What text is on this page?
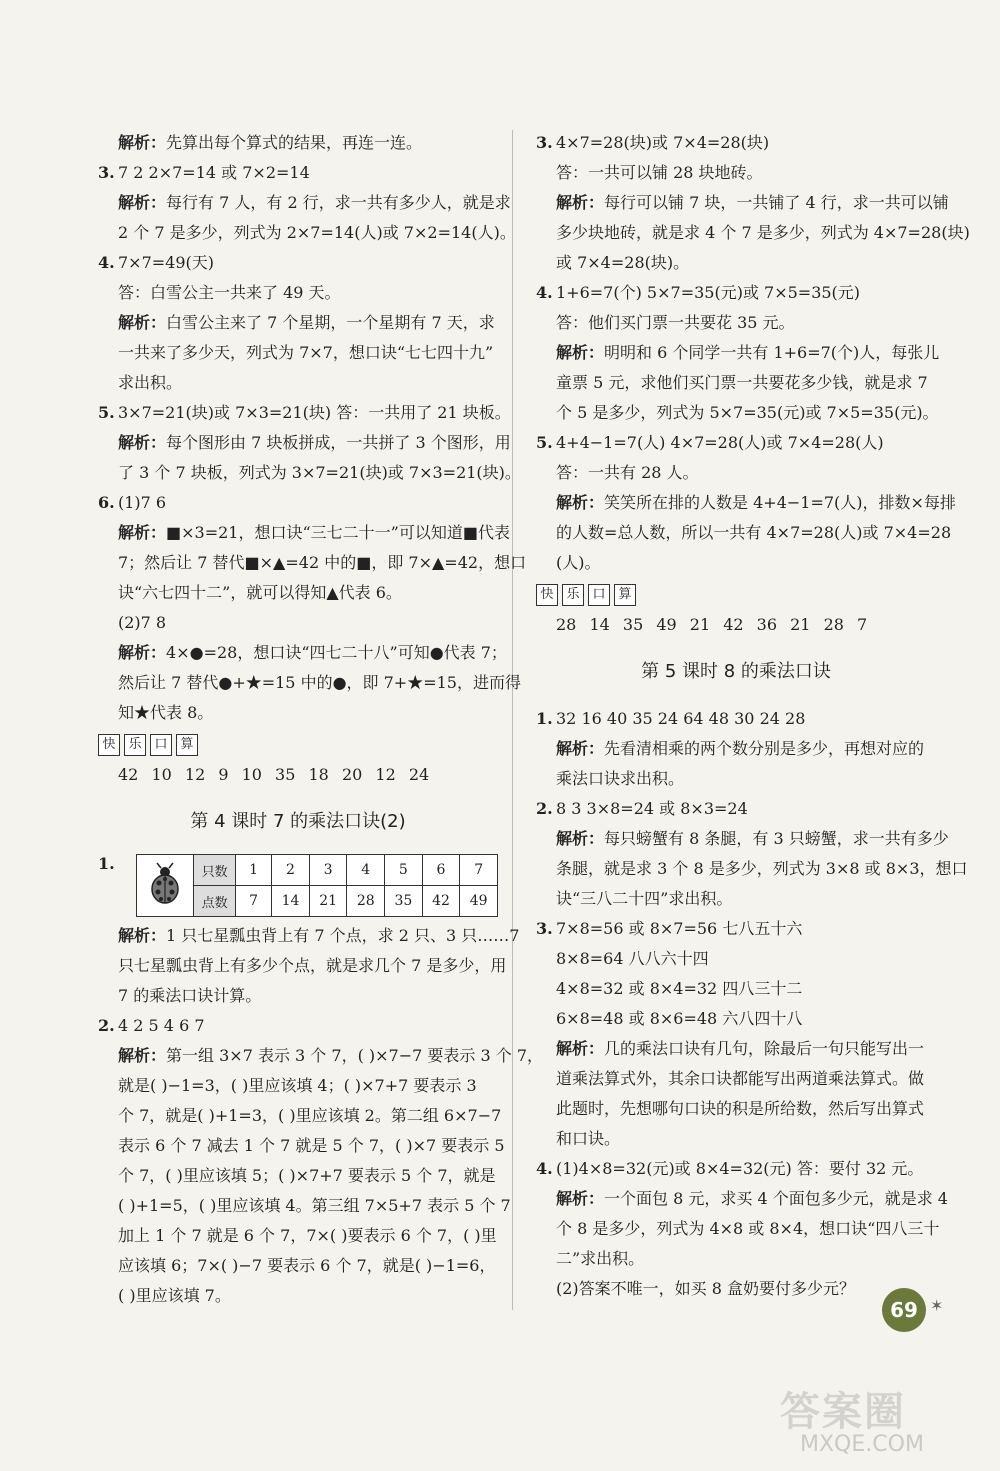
解析：先算出每个算式的结果，再连一连。
3. 7 2 2×7=14 或 7×2=14
解析：每行有 7 人，有 2 行，求一共有多少人，就是求
2 个 7 是多少，列式为 2×7=14(人)或 7×2=14(人)。
4. 7×7=49(天)
答：白雪公主一共来了 49 天。
解析：白雪公主来了 7 个星期，一个星期有 7 天，求
一共来了多少天，列式为 7×7，想口诀“七七四十九”
求出积。
5. 3×7=21(块)或 7×3=21(块) 答：一共用了 21 块板。
解析：每个图形由 7 块板拼成，一共拼了 3 个图形，用
了 3 个 7 块板，列式为 3×7=21(块)或 7×3=21(块)。
6. (1)7 6
解析：■×3=21，想口诀“三七二十一”可以知道■代表
7；然后让 7 替代■×▲=42 中的■，即 7×▲=42，想口
诀“六七四十二”，就可以得知▲代表 6。
(2)7 8
解析：4×●=28，想口诀“四七二十八”可知●代表 7；
然后让 7 替代●+★=15 中的●，即 7+★=15，进而得
知★代表 8。
快 乐 口 算
42 10 12 9 10 35 18 20 12 24
第 4 课时 7 的乘法口诀(2)
1.
		只数	1	2	3	4	5	6	7
	点数	7	14	21	28	35	42	49
解析：1 只七星瓢虫背上有 7 个点，求 2 只、3 只……7
只七星瓢虫背上有多少个点，就是求几个 7 是多少，用
7 的乘法口诀计算。
2. 4 2 5 4 6 7
解析：第一组 3×7 表示 3 个 7，( )×7−7 要表示 3 个 7，
就是( )−1=3，( )里应该填 4；( )×7+7 要表示 3
个 7，就是( )+1=3，( )里应该填 2。第二组 6×7−7
表示 6 个 7 减去 1 个 7 就是 5 个 7，( )×7 要表示 5
个 7，( )里应该填 5；( )×7+7 要表示 5 个 7，就是
( )+1=5，( )里应该填 4。第三组 7×5+7 表示 5 个 7
加上 1 个 7 就是 6 个 7，7×( )要表示 6 个 7，( )里
应该填 6；7×( )−7 要表示 6 个 7，就是( )−1=6，
( )里应该填 7。
3. 4×7=28(块)或 7×4=28(块)
答：一共可以铺 28 块地砖。
解析：每行可以铺 7 块，一共铺了 4 行，求一共可以铺
多少块地砖，就是求 4 个 7 是多少，列式为 4×7=28(块)
或 7×4=28(块)。
4. 1+6=7(个) 5×7=35(元)或 7×5=35(元)
答：他们买门票一共要花 35 元。
解析：明明和 6 个同学一共有 1+6=7(个)人，每张儿
童票 5 元，求他们买门票一共要花多少钱，就是求 7
个 5 是多少，列式为 5×7=35(元)或 7×5=35(元)。
5. 4+4−1=7(人) 4×7=28(人)或 7×4=28(人)
答：一共有 28 人。
解析：笑笑所在排的人数是 4+4−1=7(人)，排数×每排
的人数=总人数，所以一共有 4×7=28(人)或 7×4=28
(人)。
快 乐 口 算
28 14 35 49 21 42 36 21 28 7
第 5 课时 8 的乘法口诀
1. 32 16 40 35 24 64 48 30 24 28
解析：先看清相乘的两个数分别是多少，再想对应的
乘法口诀求出积。
2. 8 3 3×8=24 或 8×3=24
解析：每只螃蟹有 8 条腿，有 3 只螃蟹，求一共有多少
条腿，就是求 3 个 8 是多少，列式为 3×8 或 8×3，想口
诀“三八二十四”求出积。
3. 7×8=56 或 8×7=56 七八五十六
8×8=64 八八六十四
4×8=32 或 8×4=32 四八三十二
6×8=48 或 8×6=48 六八四十八
解析：几的乘法口诀有几句，除最后一句只能写出一
道乘法算式外，其余口诀都能写出两道乘法算式。做
此题时，先想哪句口诀的积是所给数，然后写出算式
和口诀。
4. (1)4×8=32(元)或 8×4=32(元) 答：要付 32 元。
解析：一个面包 8 元，求买 4 个面包多少元，就是求 4
个 8 是多少，列式为 4×8 或 8×4，想口诀“四八三十
二”求出积。
(2)答案不唯一，如买 8 盒奶要付多少元？
69 ✶
答案圈
MXQE.COM
